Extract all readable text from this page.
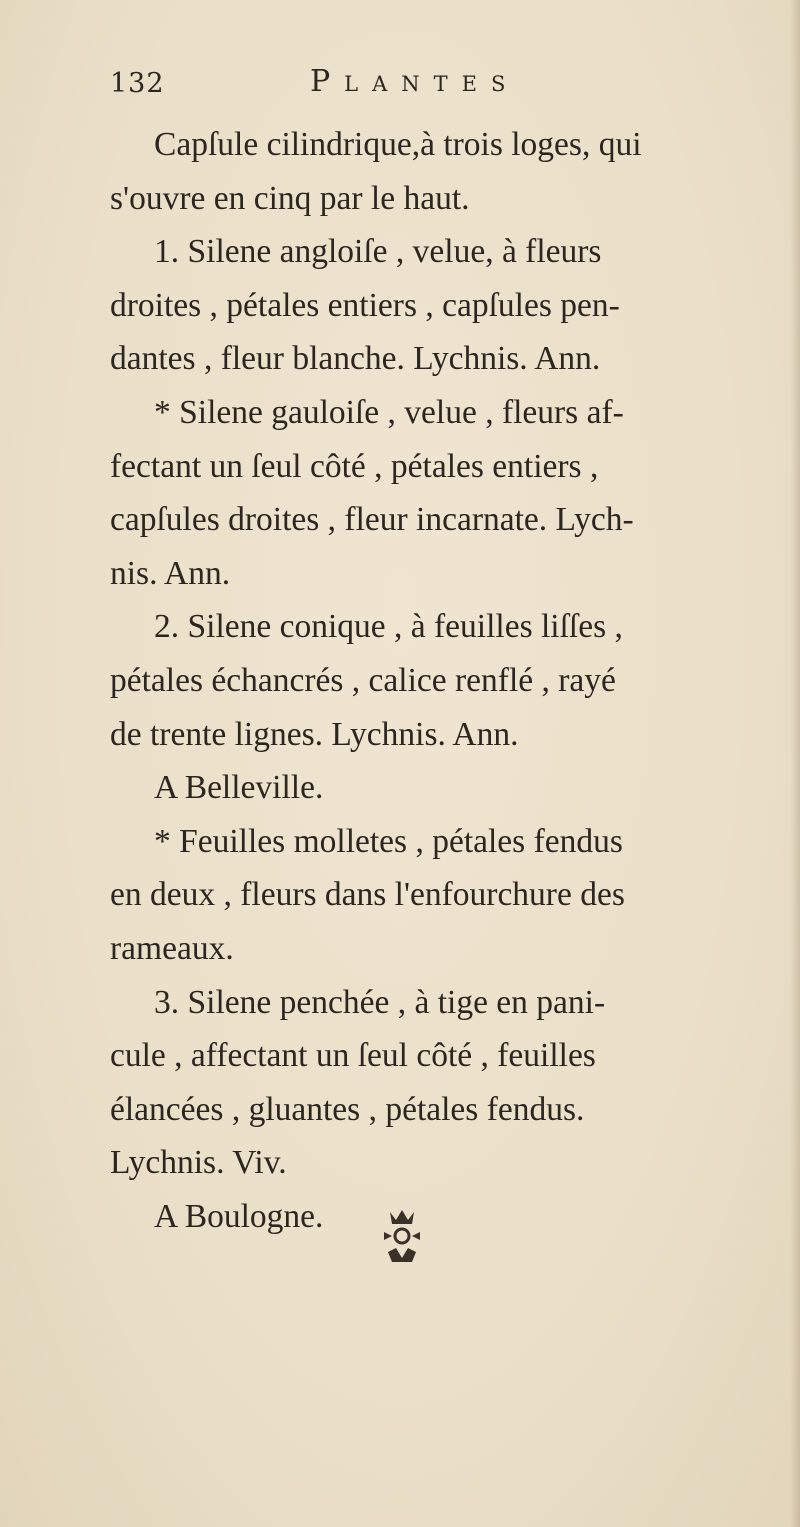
132	Plantes
Capſule cilindrique,à trois loges, qui
s'ouvre en cinq par le haut.
1. Silene angloiſe , velue, à fleurs
droites , pétales entiers , capſules pen-
dantes , fleur blanche. Lychnis. Ann.
* Silene gauloiſe , velue , fleurs af-
fectant un ſeul côté , pétales entiers ,
capſules droites , fleur incarnate. Lych-
nis. Ann.
2. Silene conique , à feuilles liſſes ,
pétales échancrés , calice renflé , rayé
de trente lignes. Lychnis. Ann.
A Belleville.
* Feuilles molletes , pétales fendus
en deux , fleurs dans l'enfourchure des
rameaux.
3. Silene penchée , à tige en pani-
cule , affectant un ſeul côté , feuilles
élancées , gluantes , pétales fendus.
Lychnis. Viv.
A Boulogne.
